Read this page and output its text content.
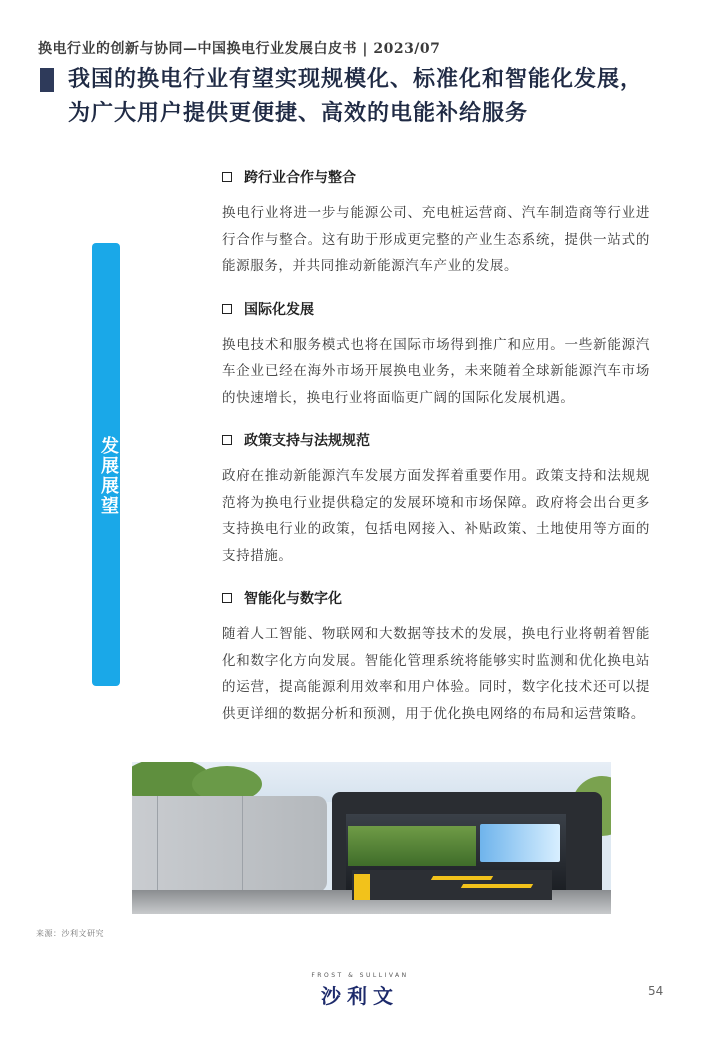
换电行业的创新与协同—中国换电行业发展白皮书 | 2023/07
我国的换电行业有望实现规模化、标准化和智能化发展，
为广大用户提供更便捷、高效的电能补给服务
发展展望
跨行业合作与整合
换电行业将进一步与能源公司、充电桩运营商、汽车制造商等行业进行合作与整合。这有助于形成更完整的产业生态系统，提供一站式的能源服务，并共同推动新能源汽车产业的发展。
国际化发展
换电技术和服务模式也将在国际市场得到推广和应用。一些新能源汽车企业已经在海外市场开展换电业务，未来随着全球新能源汽车市场的快速增长，换电行业将面临更广阔的国际化发展机遇。
政策支持与法规规范
政府在推动新能源汽车发展方面发挥着重要作用。政策支持和法规规范将为换电行业提供稳定的发展环境和市场保障。政府将会出台更多支持换电行业的政策，包括电网接入、补贴政策、土地使用等方面的支持措施。
智能化与数字化
随着人工智能、物联网和大数据等技术的发展，换电行业将朝着智能化和数字化方向发展。智能化管理系统将能够实时监测和优化换电站的运营，提高能源利用效率和用户体验。同时，数字化技术还可以提供更详细的数据分析和预测，用于优化换电网络的布局和运营策略。
来源：沙利文研究
FROST & SULLIVAN
沙利文	54
